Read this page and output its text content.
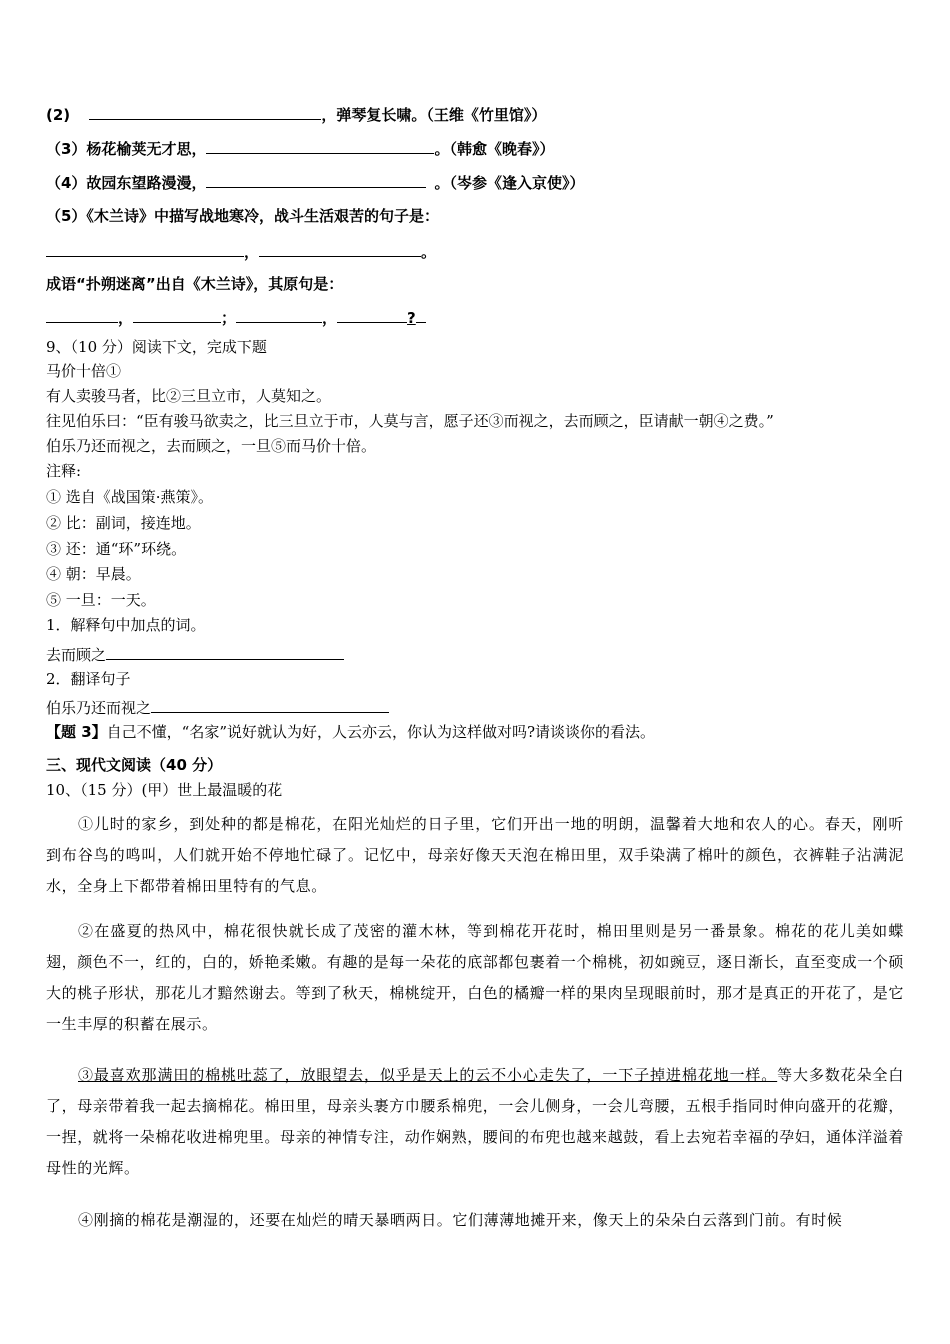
(2)	，弹琴复长啸。（王维《竹里馆》）
（3）杨花榆荚无才思，	。（韩愈《晚春》）
（4）故园东望路漫漫，	。（岑参《逢入京使》）
（5）《木兰诗》中描写战地寒冷，战斗生活艰苦的句子是：
，	。
成语“扑朔迷离”出自《木兰诗》，其原句是：
，	；	，	?
9、（10 分）阅读下文，完成下题
马价十倍①
有人卖骏马者，比②三旦立市，人莫知之。
往见伯乐曰：“臣有骏马欲卖之，比三旦立于市，人莫与言，愿子还③而视之，去而顾之，臣请献一朝④之费。”
伯乐乃还而视之，去而顾之，一旦⑤而马价十倍。
注释:
① 选自《战国策·燕策》。
② 比：副词，接连地。
③ 还：通“环”环绕。
④ 朝：早晨。
⑤ 一旦：一天。
1．解释句中加点的词。
去而顾之
2．翻译句子
伯乐乃还而视之
【题 3】自己不懂，“名家”说好就认为好，人云亦云，你认为这样做对吗?请谈谈你的看法。
三、现代文阅读（40 分）
10、（15 分）(甲）世上最温暖的花
①儿时的家乡，到处种的都是棉花，在阳光灿烂的日子里，它们开出一地的明朗，温馨着大地和农人的心。春天，刚听到布谷鸟的鸣叫，人们就开始不停地忙碌了。记忆中，母亲好像天天泡在棉田里，双手染满了棉叶的颜色，衣裤鞋子沾满泥水，全身上下都带着棉田里特有的气息。
②在盛夏的热风中，棉花很快就长成了茂密的灌木林，等到棉花开花时，棉田里则是另一番景象。棉花的花儿美如蝶翅，颜色不一，红的，白的，娇艳柔嫩。有趣的是每一朵花的底部都包裹着一个棉桃，初如豌豆，逐日渐长，直至变成一个硕大的桃子形状，那花儿才黯然谢去。等到了秋天，棉桃绽开，白色的橘瓣一样的果肉呈现眼前时，那才是真正的开花了，是它一生丰厚的积蓄在展示。
③最喜欢那满田的棉桃吐蕊了，放眼望去，似乎是天上的云不小心走失了，一下子掉进棉花地一样。等大多数花朵全白了，母亲带着我一起去摘棉花。棉田里，母亲头裹方巾腰系棉兜，一会儿侧身，一会儿弯腰，五根手指同时伸向盛开的花瓣，一捏，就将一朵棉花收进棉兜里。母亲的神情专注，动作娴熟，腰间的布兜也越来越鼓，看上去宛若幸福的孕妇，通体洋溢着母性的光辉。
④刚摘的棉花是潮湿的，还要在灿烂的晴天暴晒两日。它们薄薄地摊开来，像天上的朵朵白云落到门前。有时候
